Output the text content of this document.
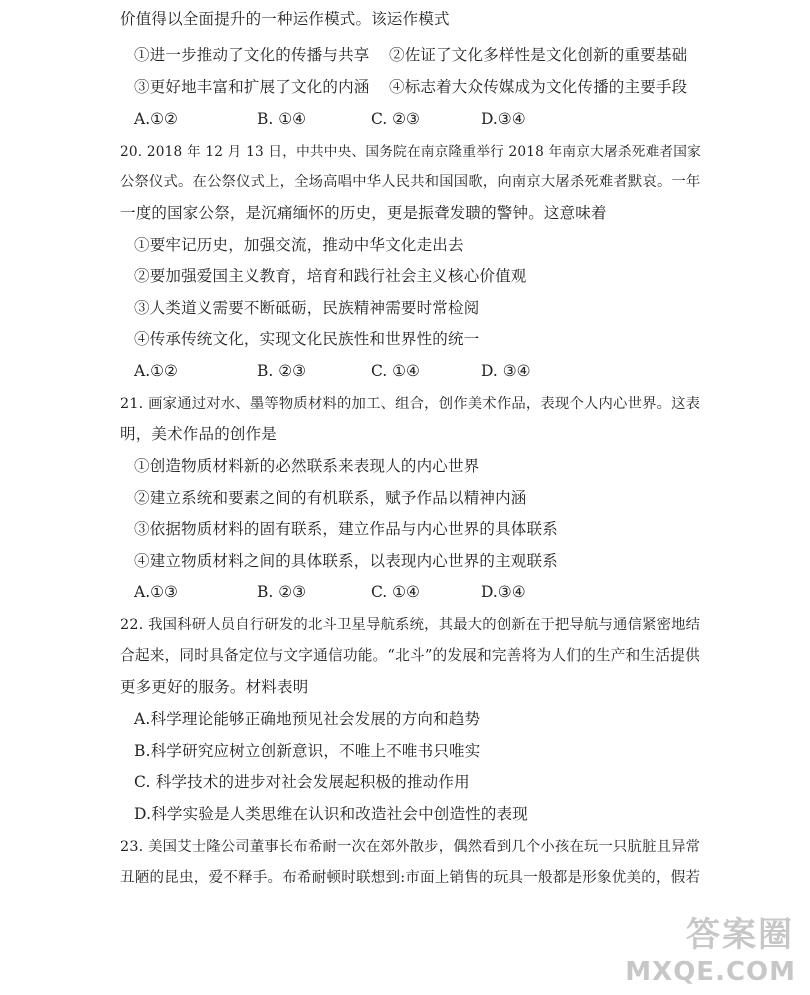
价值得以全面提升的一种运作模式。该运作模式
①进一步推动了文化的传播与共享 ②佐证了文化多样性是文化创新的重要基础
③更好地丰富和扩展了文化的内涵 ④标志着大众传媒成为文化传播的主要手段
A.①②	B. ①④	C. ②③	D.③④
20. 2018 年 12 月 13 日，中共中央、国务院在南京隆重举行 2018 年南京大屠杀死难者国家
公祭仪式。在公祭仪式上，全场高唱中华人民共和国国歌，向南京大屠杀死难者默哀。一年
一度的国家公祭，是沉痛缅怀的历史，更是振聋发聩的警钟。这意味着
①要牢记历史，加强交流，推动中华文化走出去
②要加强爱国主义教育，培育和践行社会主义核心价值观
③人类道义需要不断砥砺，民族精神需要时常检阅
④传承传统文化，实现文化民族性和世界性的统一
A.①②	B. ②③	C. ①④	D. ③④
21. 画家通过对水、墨等物质材料的加工、组合，创作美术作品，表现个人内心世界。这表
明，美术作品的创作是
①创造物质材料新的必然联系来表现人的内心世界
②建立系统和要素之间的有机联系，赋予作品以精神内涵
③依据物质材料的固有联系，建立作品与内心世界的具体联系
④建立物质材料之间的具体联系，以表现内心世界的主观联系
A.①③	B. ②③	C. ①④	D.③④
22. 我国科研人员自行研发的北斗卫星导航系统，其最大的创新在于把导航与通信紧密地结
合起来，同时具备定位与文字通信功能。“北斗”的发展和完善将为人们的生产和生活提供
更多更好的服务。材料表明
A.科学理论能够正确地预见社会发展的方向和趋势
B.科学研究应树立创新意识，不唯上不唯书只唯实
C. 科学技术的进步对社会发展起积极的推动作用
D.科学实验是人类思维在认识和改造社会中创造性的表现
23. 美国艾士隆公司董事长布希耐一次在郊外散步，偶然看到几个小孩在玩一只肮脏且异常
丑陋的昆虫，爱不释手。布希耐顿时联想到:市面上销售的玩具一般都是形象优美的，假若
答案圈
MXQE.COM
